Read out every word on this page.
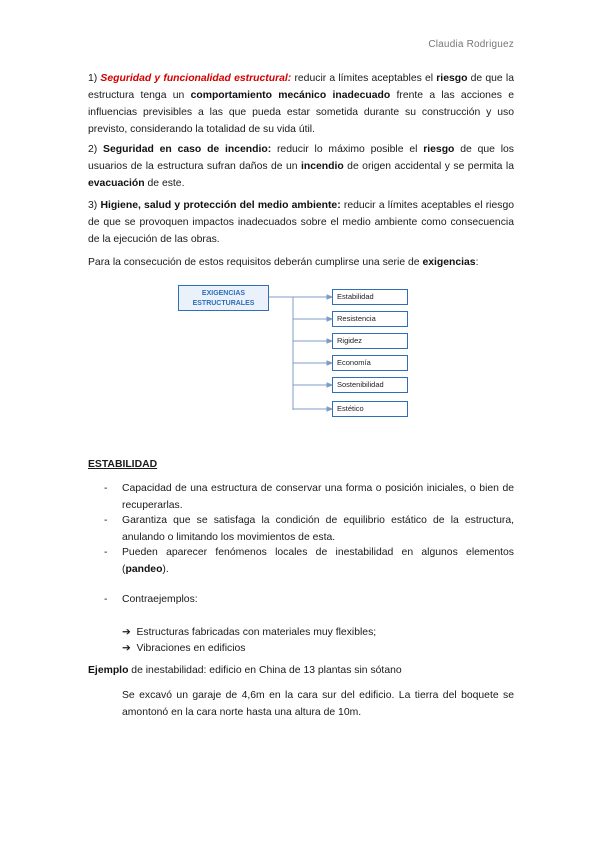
Claudia Rodriguez

1) Seguridad y funcionalidad estructural: reducir a límites aceptables el riesgo de que la estructura tenga un comportamiento mecánico inadecuado frente a las acciones e influencias previsibles a las que pueda estar sometida durante su construcción y uso previsto, considerando la totalidad de su vida útil.

2) Seguridad en caso de incendio: reducir lo máximo posible el riesgo de que los usuarios de la estructura sufran daños de un incendio de origen accidental y se permita la evacuación de este.

3) Higiene, salud y protección del medio ambiente: reducir a límites aceptables el riesgo de que se provoquen impactos inadecuados sobre el medio ambiente como consecuencia de la ejecución de las obras.

Para la consecución de estos requisitos deberán cumplirse una serie de exigencias:

EXIGENCIAS
ESTRUCTURALES
Estabilidad
Resistencia
Rigidez
Economía
Sostenibilidad
Estético
ESTABILIDAD
- Capacidad de una estructura de conservar una forma o posición iniciales, o bien de recuperarlas.
- Garantiza que se satisfaga la condición de equilibrio estático de la estructura, anulando o limitando los movimientos de esta.
- Pueden aparecer fenómenos locales de inestabilidad en algunos elementos (pandeo).
- Contraejemplos:
➔ Estructuras fabricadas con materiales muy flexibles;
➔ Vibraciones en edificios

Ejemplo de inestabilidad: edificio en China de 13 plantas sin sótano

Se excavó un garaje de 4,6m en la cara sur del edificio. La tierra del boquete se amontonó en la cara norte hasta una altura de 10m.
